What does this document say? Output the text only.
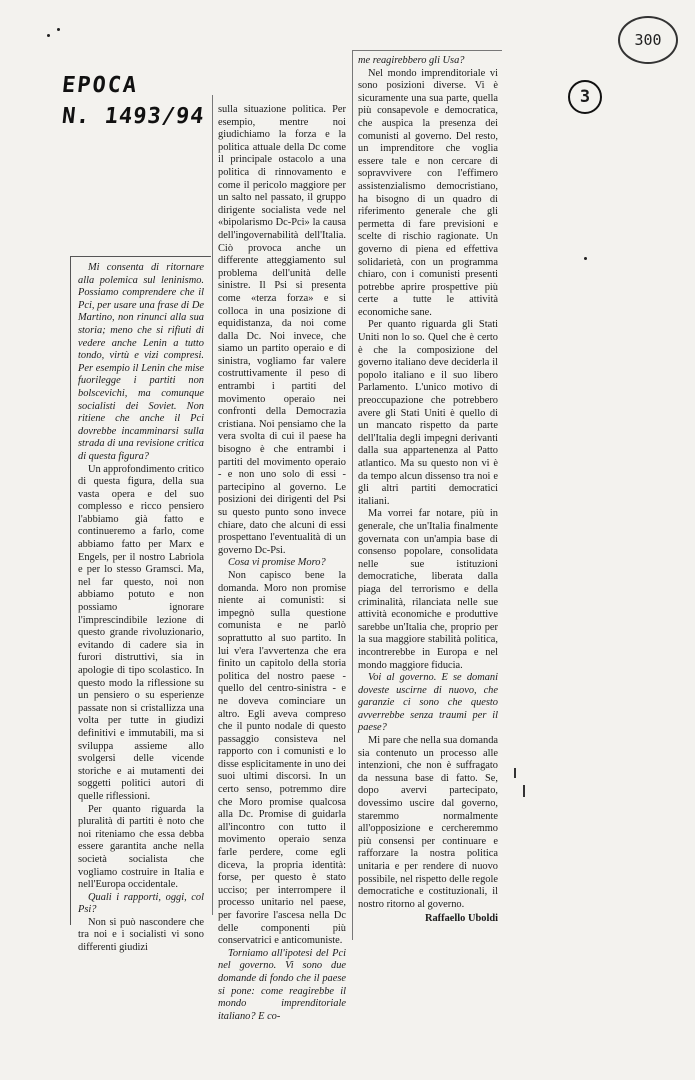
EPOCA
N. 1493/94
300
3

Mi consenta di ritornare alla polemica sul leninismo. Possiamo comprendere che il Pci, per usare una frase di De Martino, non rinunci alla sua storia; meno che si rifiuti di vedere anche Lenin a tutto tondo, virtù e vizi compresi. Per esempio il Lenin che mise fuorilegge i partiti non bolscevichi, ma comunque socialisti dei Soviet. Non ritiene che anche il Pci dovrebbe incamminarsi sulla strada di una revisione critica di questa figura?

Un approfondimento critico di questa figura, della sua vasta opera e del suo complesso e ricco pensiero l'abbiamo già fatto e continueremo a farlo, come abbiamo fatto per Marx e Engels, per il nostro Labriola e per lo stesso Gramsci. Ma, nel far questo, noi non abbiamo potuto e non possiamo ignorare l'imprescindibile lezione di questo grande rivoluzionario, evitando di cadere sia in furori distruttivi, sia in apologie di tipo scolastico. In questo modo la riflessione su un pensiero o su esperienze passate non si cristallizza una volta per tutte in giudizi definitivi e immutabili, ma si sviluppa assieme allo svolgersi delle vicende storiche e ai mutamenti dei soggetti politici autori di quelle riflessioni.

Per quanto riguarda la pluralità di partiti è noto che noi riteniamo che essa debba essere garantita anche nella società socialista che vogliamo costruire in Italia e nell'Europa occidentale.

Quali i rapporti, oggi, col Psi?

Non si può nascondere che tra noi e i socialisti vi sono differenti giudizi

sulla situazione politica. Per esempio, mentre noi giudichiamo la forza e la politica attuale della Dc come il principale ostacolo a una politica di rinnovamento e come il pericolo maggiore per un salto nel passato, il gruppo dirigente socialista vede nel «bipolarismo Dc-Pci» la causa dell'ingovernabilità dell'Italia. Ciò provoca anche un differente atteggiamento sul problema dell'unità delle sinistre. Il Psi si presenta come «terza forza» e si colloca in una posizione di equidistanza, da noi come dalla Dc. Noi invece, che siamo un partito operaio e di sinistra, vogliamo far valere costruttivamente il peso di entrambi i partiti del movimento operaio nei confronti della Democrazia cristiana. Noi pensiamo che la vera svolta di cui il paese ha bisogno è che entrambi i partiti del movimento operaio - e non uno solo di essi - partecipino al governo. Le posizioni dei dirigenti del Psi su questo punto sono invece chiare, dato che alcuni di essi prospettano l'eventualità di un governo Dc-Psi.

Cosa vi promise Moro?

Non capisco bene la domanda. Moro non promise niente ai comunisti: si impegnò sulla questione comunista e ne parlò soprattutto al suo partito. In lui v'era l'avvertenza che era finito un capitolo della storia politica del nostro paese - quello del centro-sinistra - e ne doveva cominciare un altro. Egli aveva compreso che il punto nodale di questo passaggio consisteva nel rapporto con i comunisti e lo disse esplicitamente in uno dei suoi ultimi discorsi. In un certo senso, potremmo dire che Moro promise qualcosa alla Dc. Promise di guidarla all'incontro con tutto il movimento operaio senza farle perdere, come egli diceva, la propria identità: forse, per questo è stato ucciso; per interrompere il processo unitario nel paese, per favorire l'ascesa nella Dc delle componenti più conservatrici e anticomuniste.

Torniamo all'ipotesi del Pci nel governo. Vi sono due domande di fondo che il paese si pone: come reagirebbe il mondo imprenditoriale italiano? E co-

me reagirebbero gli Usa?

Nel mondo imprenditoriale vi sono posizioni diverse. Vi è sicuramente una sua parte, quella più consapevole e democratica, che auspica la presenza dei comunisti al governo. Del resto, un imprenditore che voglia essere tale e non cercare di sopravvivere con l'effimero assistenzialismo democristiano, ha bisogno di un quadro di riferimento generale che gli permetta di fare previsioni e scelte di rischio ragionate. Un governo di piena ed effettiva solidarietà, con un programma chiaro, con i comunisti presenti potrebbe aprire prospettive più certe a tutte le attività economiche sane.

Per quanto riguarda gli Stati Uniti non lo so. Quel che è certo è che la composizione del governo italiano deve deciderla il popolo italiano e il suo libero Parlamento. L'unico motivo di preoccupazione che potrebbero avere gli Stati Uniti è quello di un mancato rispetto da parte dell'Italia degli impegni derivanti dalla sua appartenenza al Patto atlantico. Ma su questo non vi è da tempo alcun dissenso tra noi e gli altri partiti democratici italiani.

Ma vorrei far notare, più in generale, che un'Italia finalmente governata con un'ampia base di consenso popolare, consolidata nelle sue istituzioni democratiche, liberata dalla piaga del terrorismo e della criminalità, rilanciata nelle sue attività economiche e produttive sarebbe un'Italia che, proprio per la sua maggiore stabilità politica, incontrerebbe in Europa e nel mondo maggiore fiducia.

Voi al governo. E se domani doveste uscirne di nuovo, che garanzie ci sono che questo avverrebbe senza traumi per il paese?

Mi pare che nella sua domanda sia contenuto un processo alle intenzioni, che non è suffragato da nessuna base di fatto. Se, dopo avervi partecipato, dovessimo uscire dal governo, staremmo normalmente all'opposizione e cercheremmo più consensi per continuare e rafforzare la nostra politica unitaria e per rendere di nuovo possibile, nel rispetto delle regole democratiche e costituzionali, il nostro ritorno al governo.

Raffaello Uboldi
